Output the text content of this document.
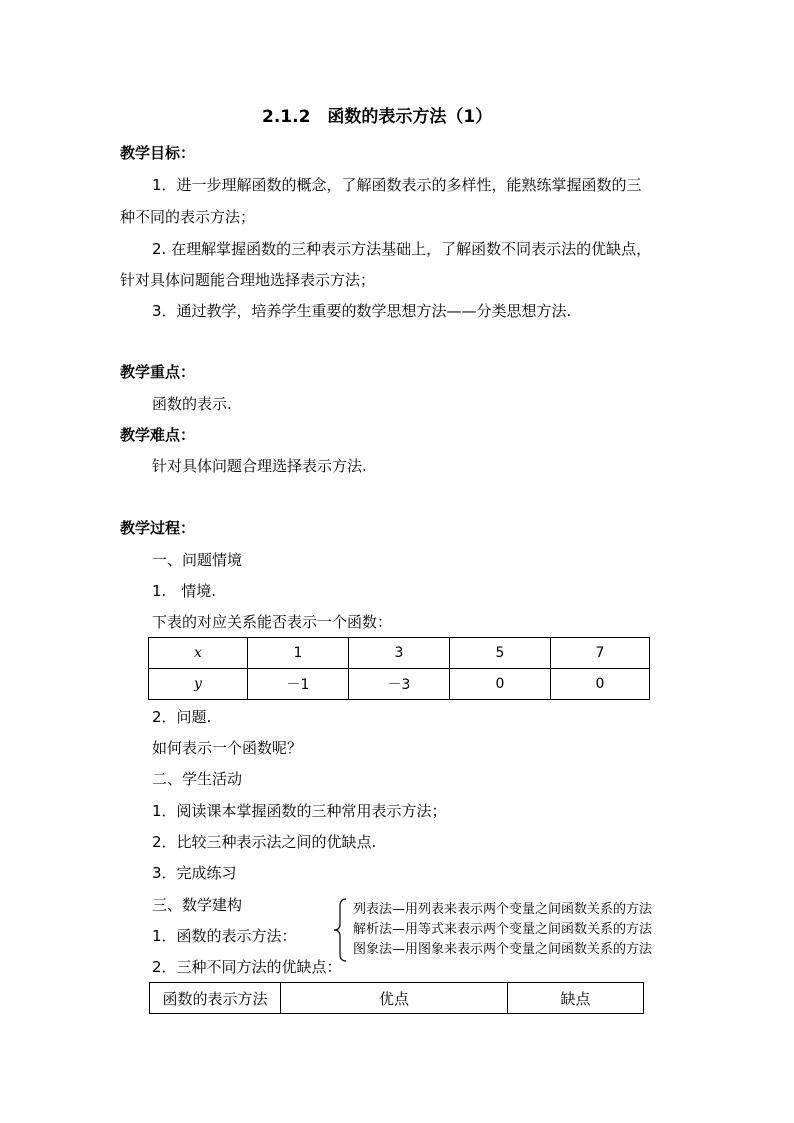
2.1.2　函数的表示方法（1）
教学目标：
1．进一步理解函数的概念，了解函数表示的多样性，能熟练掌握函数的三
种不同的表示方法；
2. 在理解掌握函数的三种表示方法基础上，了解函数不同表示法的优缺点，
针对具体问题能合理地选择表示方法；
3．通过教学，培养学生重要的数学思想方法——分类思想方法.
教学重点：
函数的表示.
教学难点：
针对具体问题合理选择表示方法.
教学过程：
一、问题情境
1.　情境.
下表的对应关系能否表示一个函数：
x	1	3	5	7
y	－1	－3	0	0
2．问题.
如何表示一个函数呢？
二、学生活动
1．阅读课本掌握函数的三种常用表示方法；
2．比较三种表示法之间的优缺点.
3．完成练习
三、数学建构
1．函数的表示方法：
2．三种不同方法的优缺点：
列表法—用列表来表示两个变量之间函数关系的方法
解析法—用等式来表示两个变量之间函数关系的方法
图象法—用图象来表示两个变量之间函数关系的方法
函数的表示方法	优点	缺点
